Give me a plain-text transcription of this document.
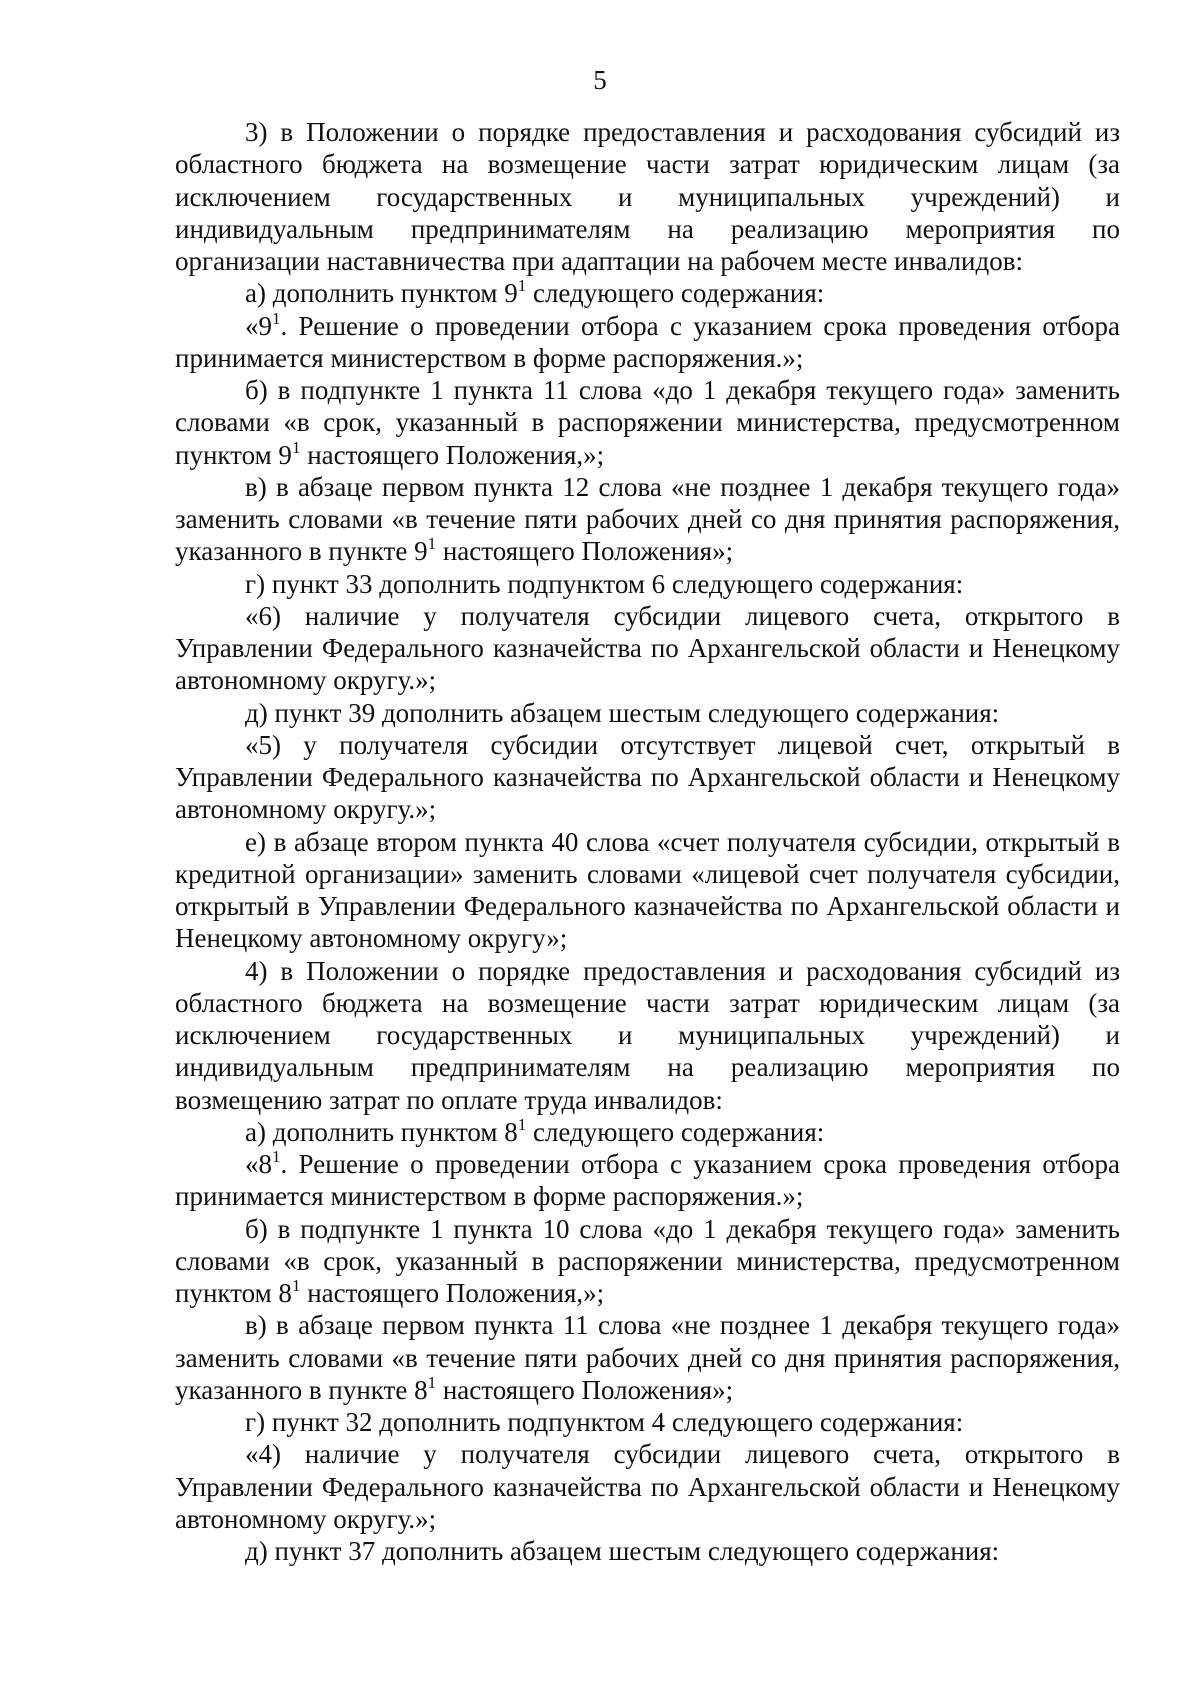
5

3) в Положении о порядке предоставления и расходования субсидий из областного бюджета на возмещение части затрат юридическим лицам (за исключением государственных и муниципальных учреждений) и индивидуальным предпринимателям на реализацию мероприятия по организации наставничества при адаптации на рабочем месте инвалидов:

а) дополнить пунктом $9^1$ следующего содержания:

«$9^1$. Решение о проведении отбора с указанием срока проведения отбора принимается министерством в форме распоряжения.»;

б) в подпункте 1 пункта 11 слова «до 1 декабря текущего года» заменить словами «в срок, указанный в распоряжении министерства, предусмотренном пунктом $9^1$ настоящего Положения,»;

в) в абзаце первом пункта 12 слова «не позднее 1 декабря текущего года» заменить словами «в течение пяти рабочих дней со дня принятия распоряжения, указанного в пункте $9^1$ настоящего Положения»;

г) пункт 33 дополнить подпунктом 6 следующего содержания:

«6) наличие у получателя субсидии лицевого счета, открытого в Управлении Федерального казначейства по Архангельской области и Ненецкому автономному округу.»;

д) пункт 39 дополнить абзацем шестым следующего содержания:

«5) у получателя субсидии отсутствует лицевой счет, открытый в Управлении Федерального казначейства по Архангельской области и Ненецкому автономному округу.»;

е) в абзаце втором пункта 40 слова «счет получателя субсидии, открытый в кредитной организации» заменить словами «лицевой счет получателя субсидии, открытый в Управлении Федерального казначейства по Архангельской области и Ненецкому автономному округу»;

4) в Положении о порядке предоставления и расходования субсидий из областного бюджета на возмещение части затрат юридическим лицам (за исключением государственных и муниципальных учреждений) и индивидуальным предпринимателям на реализацию мероприятия по возмещению затрат по оплате труда инвалидов:

а) дополнить пунктом $8^1$ следующего содержания:

«$8^1$. Решение о проведении отбора с указанием срока проведения отбора принимается министерством в форме распоряжения.»;

б) в подпункте 1 пункта 10 слова «до 1 декабря текущего года» заменить словами «в срок, указанный в распоряжении министерства, предусмотренном пунктом $8^1$ настоящего Положения,»;

в) в абзаце первом пункта 11 слова «не позднее 1 декабря текущего года» заменить словами «в течение пяти рабочих дней со дня принятия распоряжения, указанного в пункте $8^1$ настоящего Положения»;

г) пункт 32 дополнить подпунктом 4 следующего содержания:

«4) наличие у получателя субсидии лицевого счета, открытого в Управлении Федерального казначейства по Архангельской области и Ненецкому автономному округу.»;

д) пункт 37 дополнить абзацем шестым следующего содержания:
